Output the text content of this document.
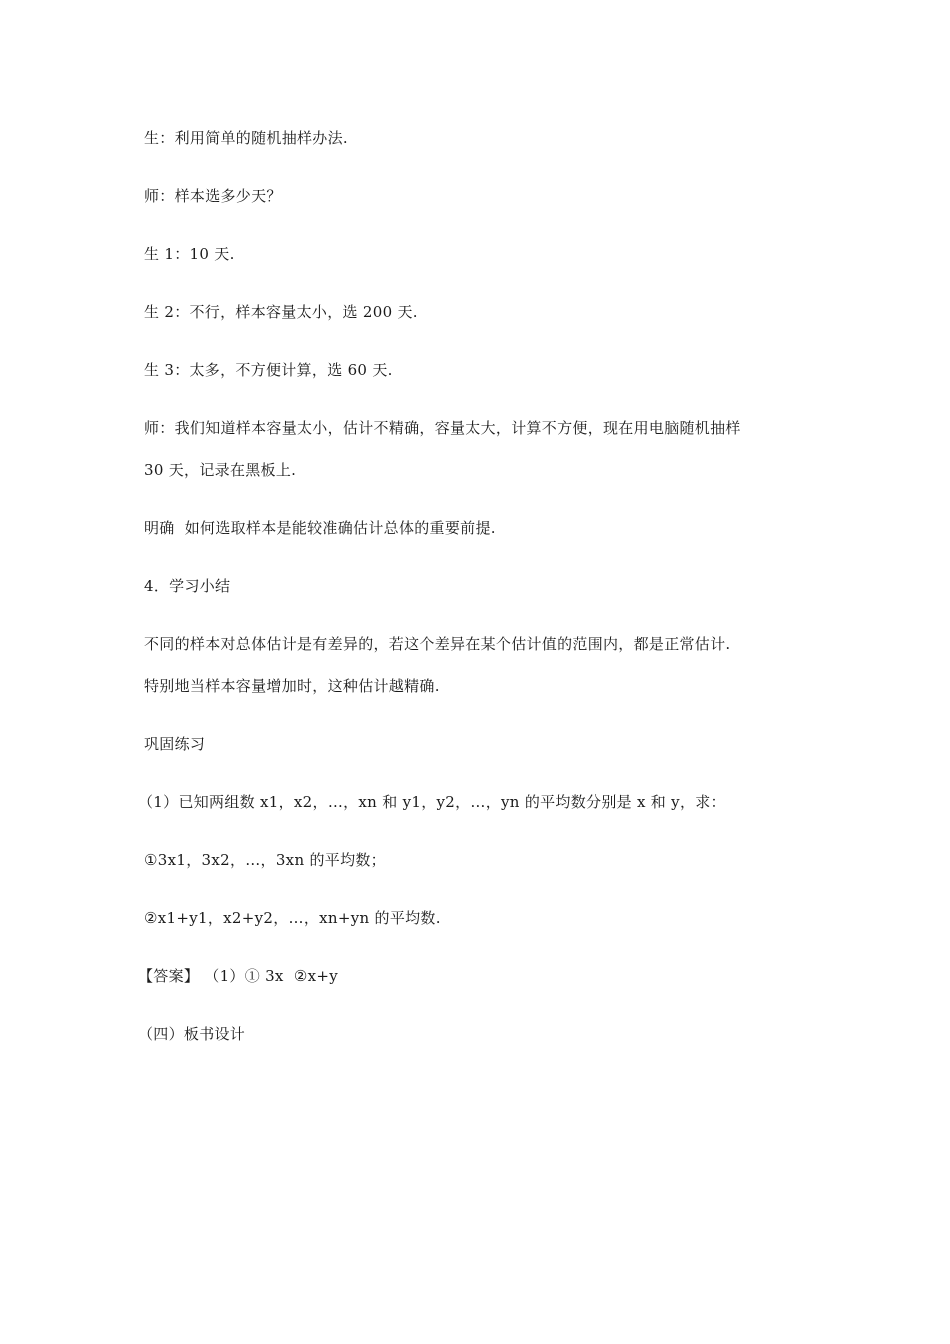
生：利用简单的随机抽样办法.
师：样本选多少天？
生 1：10 天.
生 2：不行，样本容量太小，选 200 天.
生 3：太多，不方便计算，选 60 天.
师：我们知道样本容量太小，估计不精确，容量太大，计算不方便，现在用电脑随机抽样
30 天，记录在黑板上.
明确  如何选取样本是能较准确估计总体的重要前提.
4．学习小结
不同的样本对总体估计是有差异的，若这个差异在某个估计值的范围内，都是正常估计.
特别地当样本容量增加时，这种估计越精确.
巩固练习
（1）已知两组数 x1，x2，…，xn 和 y1，y2，…，yn 的平均数分别是 x 和 y，求：
①3x1，3x2，…，3xn 的平均数；
②x1+y1，x2+y2，…，xn+yn 的平均数.
【答案】 （1）① 3x  ②x+y
（四）板书设计
